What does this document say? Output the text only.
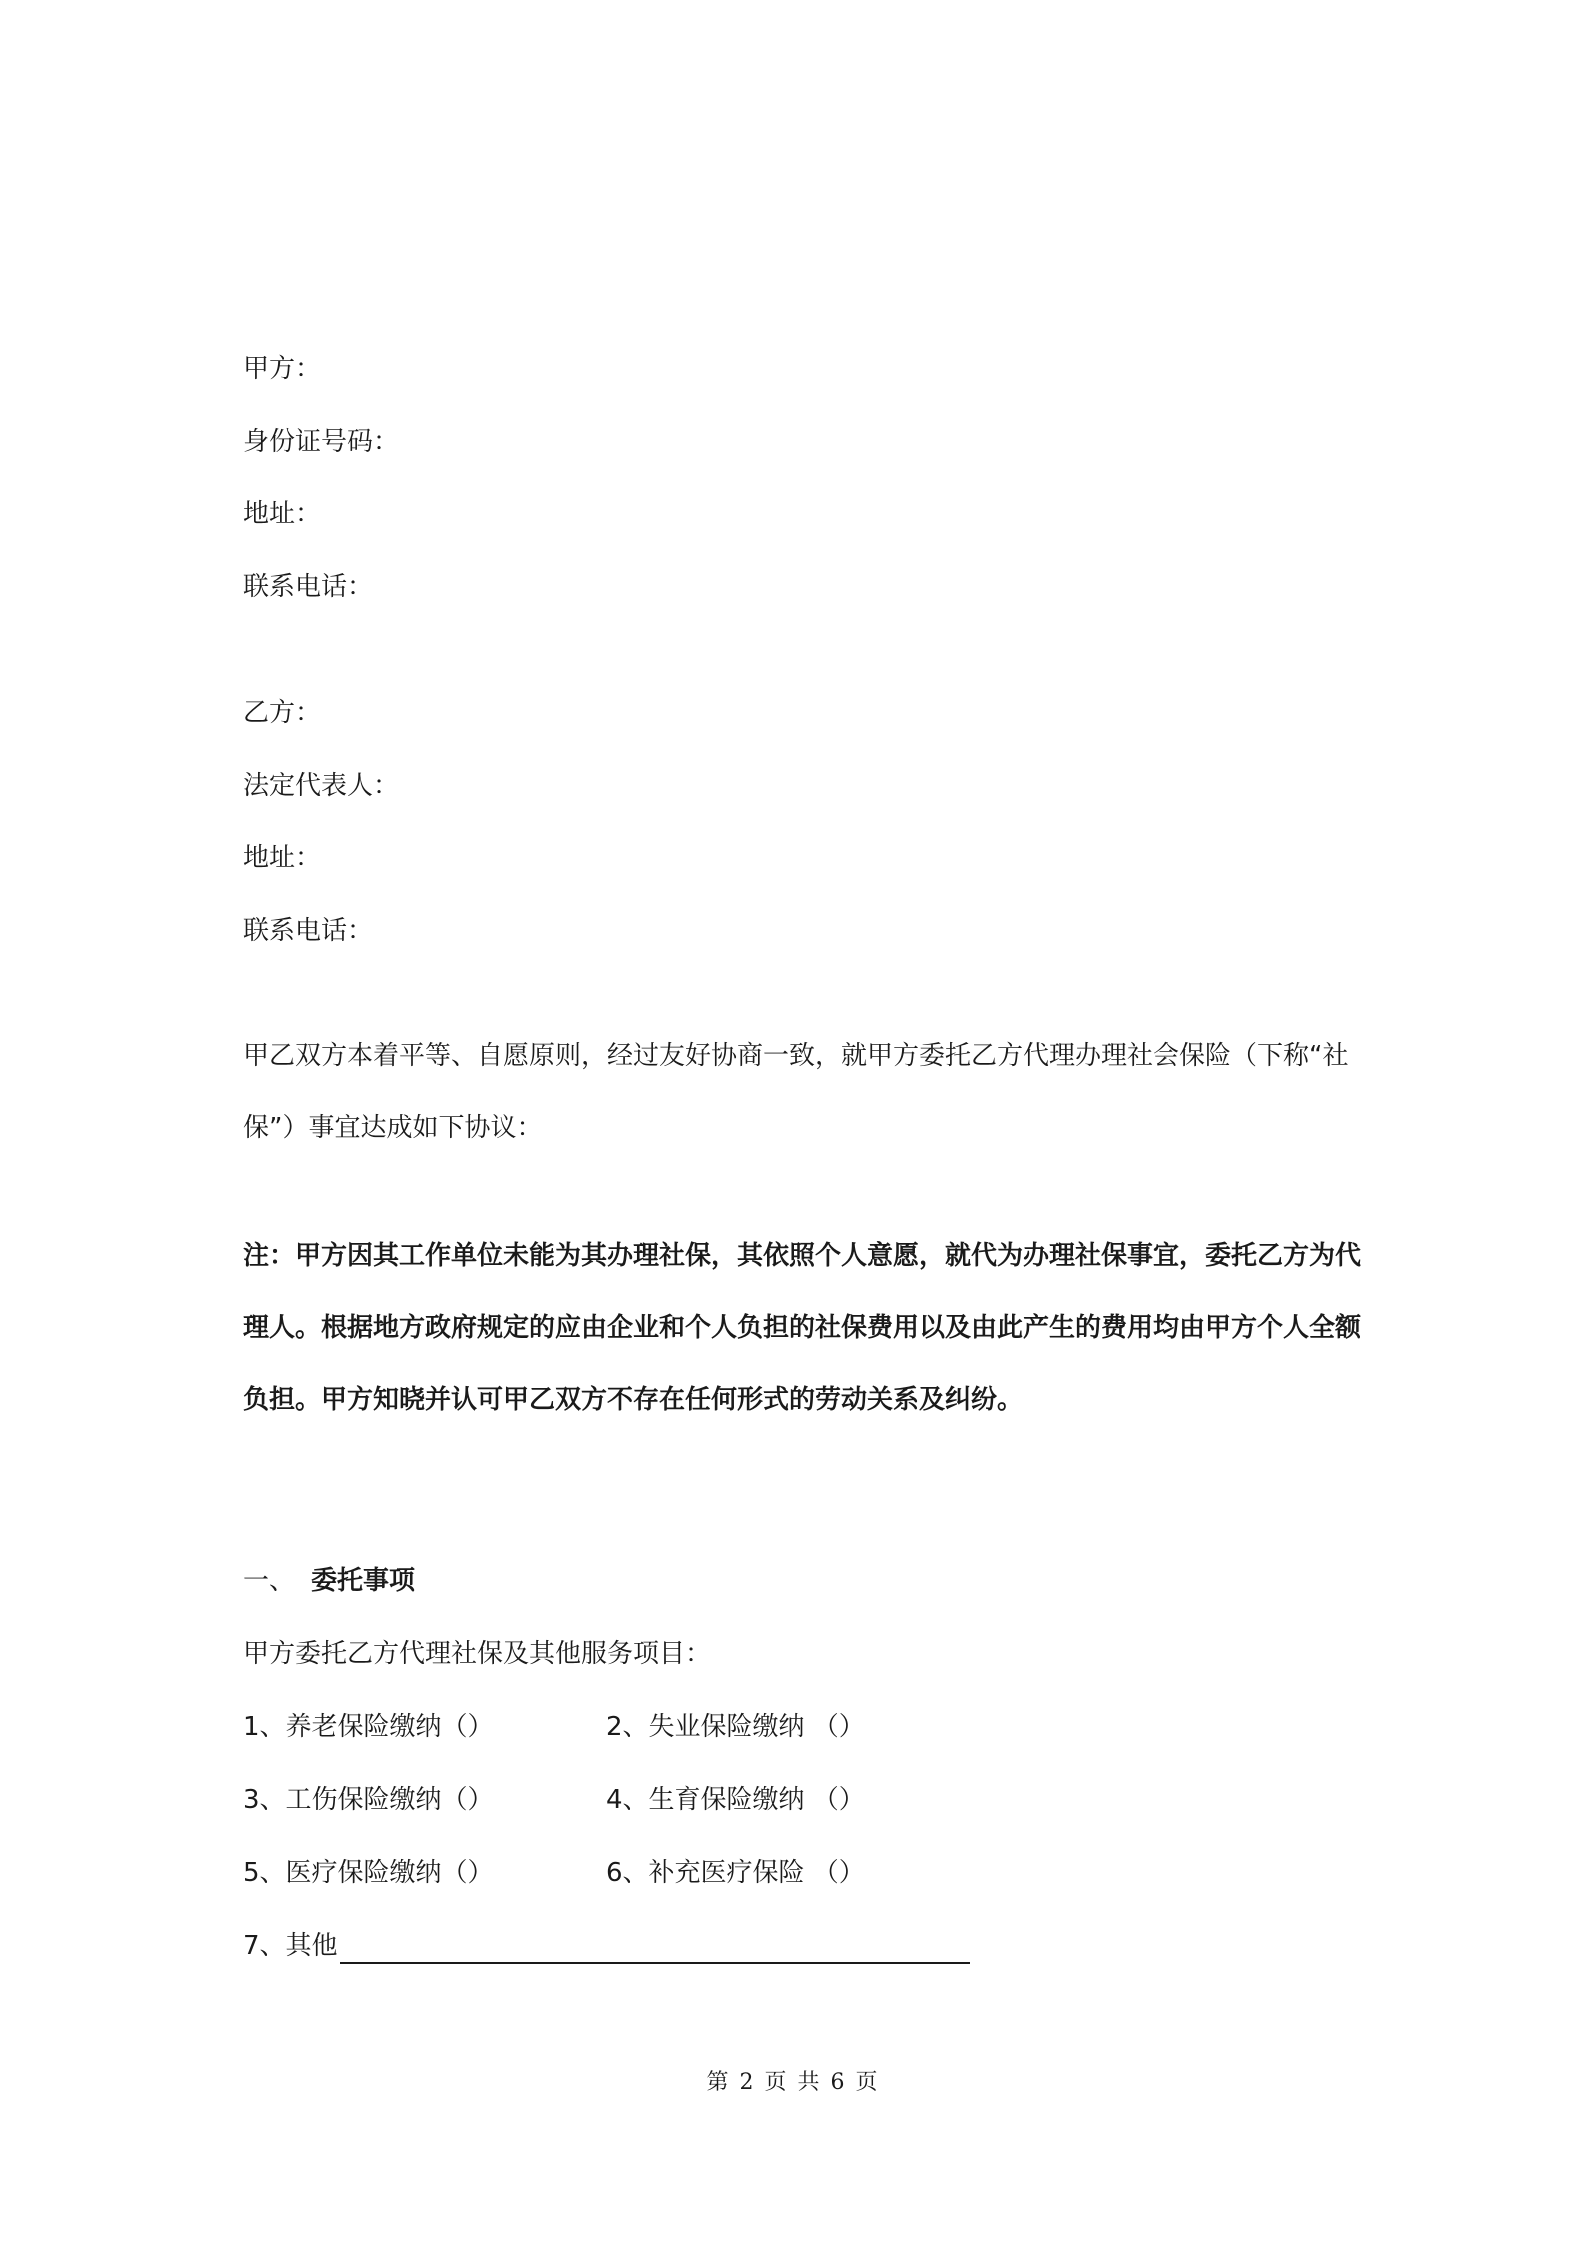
甲方：
身份证号码：
地址：
联系电话：
乙方：
法定代表人：
地址：
联系电话：
甲乙双方本着平等、自愿原则，经过友好协商一致，就甲方委托乙方代理办理社会保险（下称“社保”）事宜达成如下协议：
注：甲方因其工作单位未能为其办理社保，其依照个人意愿，就代为办理社保事宜，委托乙方为代理人。根据地方政府规定的应由企业和个人负担的社保费用以及由此产生的费用均由甲方个人全额负担。甲方知晓并认可甲乙双方不存在任何形式的劳动关系及纠纷。
一、 委托事项
甲方委托乙方代理社保及其他服务项目：
1、养老保险缴纳（）	2、失业保险缴纳 （）
3、工伤保险缴纳（）	4、生育保险缴纳 （）
5、医疗保险缴纳（）	6、补充医疗保险 （）
7、其他
第 2 页 共 6 页
